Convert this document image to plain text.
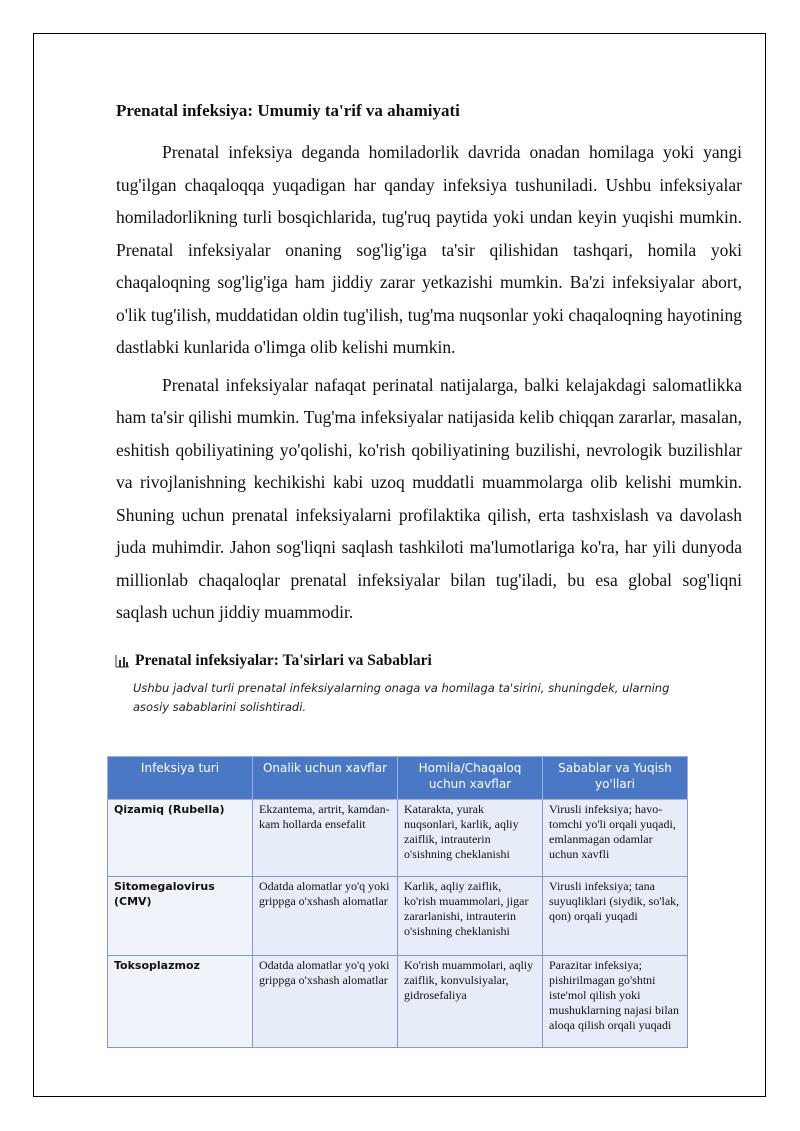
Prenatal infeksiya: Umumiy ta'rif va ahamiyati

Prenatal infeksiya deganda homiladorlik davrida onadan homilaga yoki yangi tug'ilgan chaqaloqqa yuqadigan har qanday infeksiya tushuniladi. Ushbu infeksiyalar homiladorlikning turli bosqichlarida, tug'ruq paytida yoki undan keyin yuqishi mumkin. Prenatal infeksiyalar onaning sog'lig'iga ta'sir qilishidan tashqari, homila yoki chaqaloqning sog'lig'iga ham jiddiy zarar yetkazishi mumkin. Ba'zi infeksiyalar abort, o'lik tug'ilish, muddatidan oldin tug'ilish, tug'ma nuqsonlar yoki chaqaloqning hayotining dastlabki kunlarida o'limga olib kelishi mumkin.

Prenatal infeksiyalar nafaqat perinatal natijalarga, balki kelajakdagi salomatlikka ham ta'sir qilishi mumkin. Tug'ma infeksiyalar natijasida kelib chiqqan zararlar, masalan, eshitish qobiliyatining yo'qolishi, ko'rish qobiliyatining buzilishi, nevrologik buzilishlar va rivojlanishning kechikishi kabi uzoq muddatli muammolarga olib kelishi mumkin. Shuning uchun prenatal infeksiyalarni profilaktika qilish, erta tashxislash va davolash juda muhimdir. Jahon sog'liqni saqlash tashkiloti ma'lumotlariga ko'ra, har yili dunyoda millionlab chaqaloqlar prenatal infeksiyalar bilan tug'iladi, bu esa global sog'liqni saqlash uchun jiddiy muammodir.

Prenatal infeksiyalar: Ta'sirlari va Sabablari
Ushbu jadval turli prenatal infeksiyalarning onaga va homilaga ta'sirini, shuningdek, ularning asosiy sabablarini solishtiradi.
Infeksiya turi	Onalik uchun xavflar	Homila/Chaqaloq uchun xavflar	Sabablar va Yuqish yo'llari
Qizamiq (Rubella)	Ekzantema, artrit, kamdan-kam hollarda ensefalit	Katarakta, yurak nuqsonlari, karlik, aqliy zaiflik, intrauterin o'sishning cheklanishi	Virusli infeksiya; havo-tomchi yo'li orqali yuqadi, emlanmagan odamlar uchun xavfli
Sitomegalovirus (CMV)	Odatda alomatlar yo'q yoki grippga o'xshash alomatlar	Karlik, aqliy zaiflik, ko'rish muammolari, jigar zararlanishi, intrauterin o'sishning cheklanishi	Virusli infeksiya; tana suyuqliklari (siydik, so'lak, qon) orqali yuqadi
Toksoplazmoz	Odatda alomatlar yo'q yoki grippga o'xshash alomatlar	Ko'rish muammolari, aqliy zaiflik, konvulsiyalar, gidrosefaliya	Parazitar infeksiya; pishirilmagan go'shtni iste'mol qilish yoki mushuklarning najasi bilan aloqa qilish orqali yuqadi
